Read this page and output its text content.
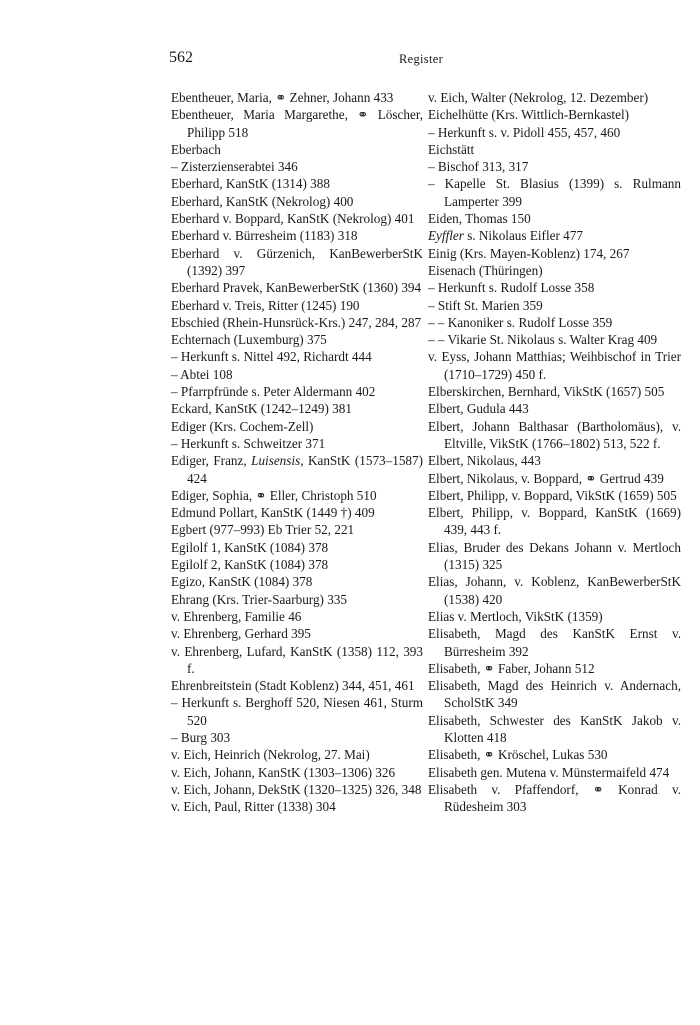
562	Register

Ebentheuer, Maria, ⚭ Zehner, Johann 433

Ebentheuer, Maria Margarethe, ⚭ Löscher, Philipp 518

Eberbach

– Zisterzienserabtei 346

Eberhard, KanStK (1314) 388

Eberhard, KanStK (Nekrolog) 400

Eberhard v. Boppard, KanStK (Nekrolog) 401

Eberhard v. Bürresheim (1183) 318

Eberhard v. Gürzenich, KanBewerberStK (1392) 397

Eberhard Pravek, KanBewerberStK (1360) 394

Eberhard v. Treis, Ritter (1245) 190

Ebschied (Rhein-Hunsrück-Krs.) 247, 284, 287

Echternach (Luxemburg) 375

– Herkunft s. Nittel 492, Richardt 444

– Abtei 108

– Pfarrpfründe s. Peter Aldermann 402

Eckard, KanStK (1242–1249) 381

Ediger (Krs. Cochem-Zell)

– Herkunft s. Schweitzer 371

Ediger, Franz, Luisensis, KanStK (1573–1587) 424

Ediger, Sophia, ⚭ Eller, Christoph 510

Edmund Pollart, KanStK (1449 †) 409

Egbert (977–993) Eb Trier 52, 221

Egilolf 1, KanStK (1084) 378

Egilolf 2, KanStK (1084) 378

Egizo, KanStK (1084) 378

Ehrang (Krs. Trier-Saarburg) 335

v. Ehrenberg, Familie 46

v. Ehrenberg, Gerhard 395

v. Ehrenberg, Lufard, KanStK (1358) 112, 393 f.

Ehrenbreitstein (Stadt Koblenz) 344, 451, 461

– Herkunft s. Berghoff 520, Niesen 461, Sturm 520

– Burg 303

v. Eich, Heinrich (Nekrolog, 27. Mai)

v. Eich, Johann, KanStK (1303–1306) 326

v. Eich, Johann, DekStK (1320–1325) 326, 348

v. Eich, Paul, Ritter (1338) 304

v. Eich, Walter (Nekrolog, 12. Dezember)

Eichelhütte (Krs. Wittlich-Bernkastel)

– Herkunft s. v. Pidoll 455, 457, 460

Eichstätt

– Bischof 313, 317

– Kapelle St. Blasius (1399) s. Rulmann Lamperter 399

Eiden, Thomas 150

Eyffler s. Nikolaus Eifler 477

Einig (Krs. Mayen-Koblenz) 174, 267

Eisenach (Thüringen)

– Herkunft s. Rudolf Losse 358

– Stift St. Marien 359

– – Kanoniker s. Rudolf Losse 359

– – Vikarie St. Nikolaus s. Walter Krag 409

v. Eyss, Johann Matthias; Weihbischof in Trier (1710–1729) 450 f.

Elberskirchen, Bernhard, VikStK (1657) 505

Elbert, Gudula 443

Elbert, Johann Balthasar (Bartholomäus), v. Eltville, VikStK (1766–1802) 513, 522 f.

Elbert, Nikolaus, 443

Elbert, Nikolaus, v. Boppard, ⚭ Gertrud 439

Elbert, Philipp, v. Boppard, VikStK (1659) 505

Elbert, Philipp, v. Boppard, KanStK (1669) 439, 443 f.

Elias, Bruder des Dekans Johann v. Mertloch (1315) 325

Elias, Johann, v. Koblenz, KanBewerberStK (1538) 420

Elias v. Mertloch, VikStK (1359)

Elisabeth, Magd des KanStK Ernst v. Bürresheim 392

Elisabeth, ⚭ Faber, Johann 512

Elisabeth, Magd des Heinrich v. Andernach, ScholStK 349

Elisabeth, Schwester des KanStK Jakob v. Klotten 418

Elisabeth, ⚭ Kröschel, Lukas 530

Elisabeth gen. Mutena v. Münstermaifeld 474

Elisabeth v. Pfaffendorf, ⚭ Konrad v. Rüdesheim 303
